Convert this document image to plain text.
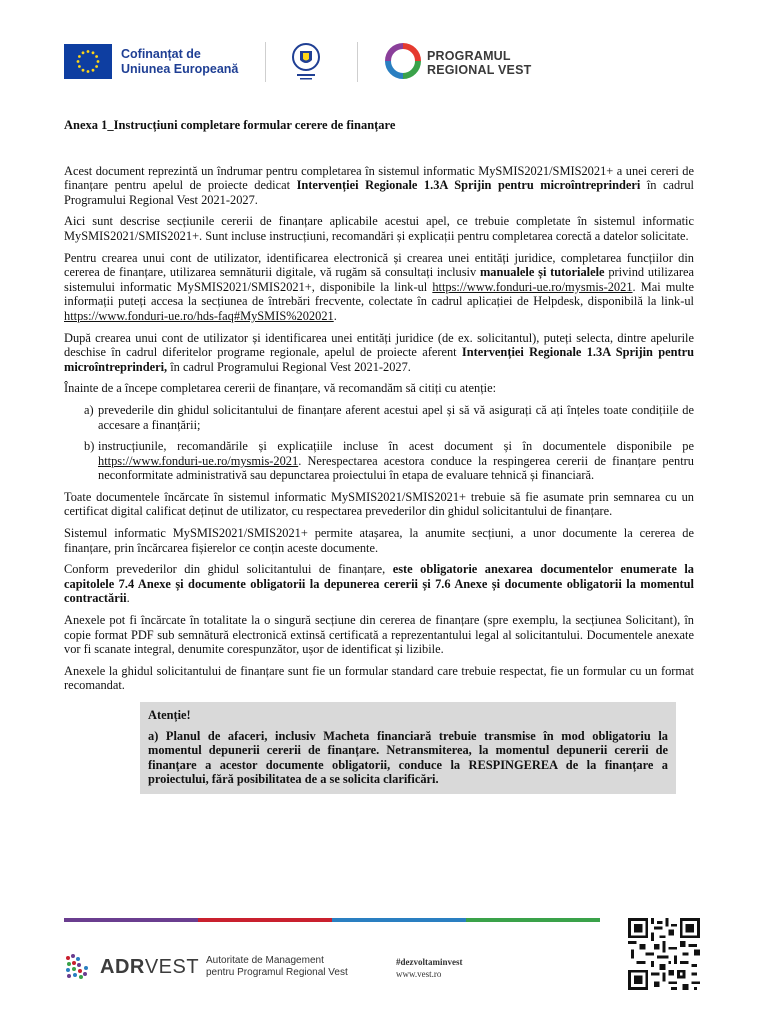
Cofinanțat de
Uniunea Europeană
PROGRAMUL
REGIONAL VEST
Anexa 1_Instrucțiuni completare formular cerere de finanțare

Acest document reprezintă un îndrumar pentru completarea în sistemul informatic MySMIS2021/SMIS2021+ a unei cereri de finanțare pentru apelul de proiecte dedicat Intervenției Regionale 1.3A Sprijin pentru microîntreprinderi în cadrul Programului Regional Vest 2021-2027.

Aici sunt descrise secțiunile cererii de finanțare aplicabile acestui apel, ce trebuie completate în sistemul informatic MySMIS2021/SMIS2021+. Sunt incluse instrucțiuni, recomandări și explicații pentru completarea corectă a datelor solicitate.

Pentru crearea unui cont de utilizator, identificarea electronică și crearea unei entități juridice, completarea funcțiilor din cererea de finanțare, utilizarea semnăturii digitale, vă rugăm să consultați inclusiv manualele și tutorialele privind utilizarea sistemului informatic MySMIS2021/SMIS2021+, disponibile la link-ul https://www.fonduri-ue.ro/mysmis-2021. Mai multe informații puteți accesa la secțiunea de întrebări frecvente, colectate în cadrul aplicației de Helpdesk, disponibilă la link-ul https://www.fonduri-ue.ro/hds-faq#MySMIS%202021.

După crearea unui cont de utilizator și identificarea unei entități juridice (de ex. solicitantul), puteți selecta, dintre apelurile deschise în cadrul diferitelor programe regionale, apelul de proiecte aferent Intervenției Regionale 1.3A Sprijin pentru microîntreprinderi, în cadrul Programului Regional Vest 2021-2027.

Înainte de a începe completarea cererii de finanțare, vă recomandăm să citiți cu atenție:

a) prevederile din ghidul solicitantului de finanțare aferent acestui apel și să vă asigurați că ați înțeles toate condițiile de accesare a finanțării;
b) instrucțiunile, recomandările și explicațiile incluse în acest document și în documentele disponibile pe https://www.fonduri-ue.ro/mysmis-2021. Nerespectarea acestora conduce la respingerea cererii de finanțare pentru neconformitate administrativă sau depunctarea proiectului în etapa de evaluare tehnică și financiară.

Toate documentele încărcate în sistemul informatic MySMIS2021/SMIS2021+ trebuie să fie asumate prin semnarea cu un certificat digital calificat deținut de utilizator, cu respectarea prevederilor din ghidul solicitantului de finanțare.

Sistemul informatic MySMIS2021/SMIS2021+ permite atașarea, la anumite secțiuni, a unor documente la cererea de finanțare, prin încărcarea fișierelor ce conțin aceste documente.

Conform prevederilor din ghidul solicitantului de finanțare, este obligatorie anexarea documentelor enumerate la capitolele 7.4 Anexe și documente obligatorii la depunerea cererii și 7.6 Anexe și documente obligatorii la momentul contractării.

Anexele pot fi încărcate în totalitate la o singură secțiune din cererea de finanțare (spre exemplu, la secțiunea Solicitant), în copie format PDF sub semnătură electronică extinsă certificată a reprezentantului legal al solicitantului. Documentele anexate vor fi scanate integral, denumite corespunzător, ușor de identificat și lizibile.

Anexele la ghidul solicitantului de finanțare sunt fie un formular standard care trebuie respectat, fie un formular cu un format recomandat.

Atenție!
a) Planul de afaceri, inclusiv Macheta financiară trebuie transmise în mod obligatoriu la momentul depunerii cererii de finanțare. Netransmiterea, la momentul depunerii cererii de finanțare a acestor documente obligatorii, conduce la RESPINGEREA de la finanțare a proiectului, fără posibilitatea de a se solicita clarificări.
ADRVEST Autoritate de Management
pentru Programul Regional Vest
#dezvoltaminvest
www.vest.ro
